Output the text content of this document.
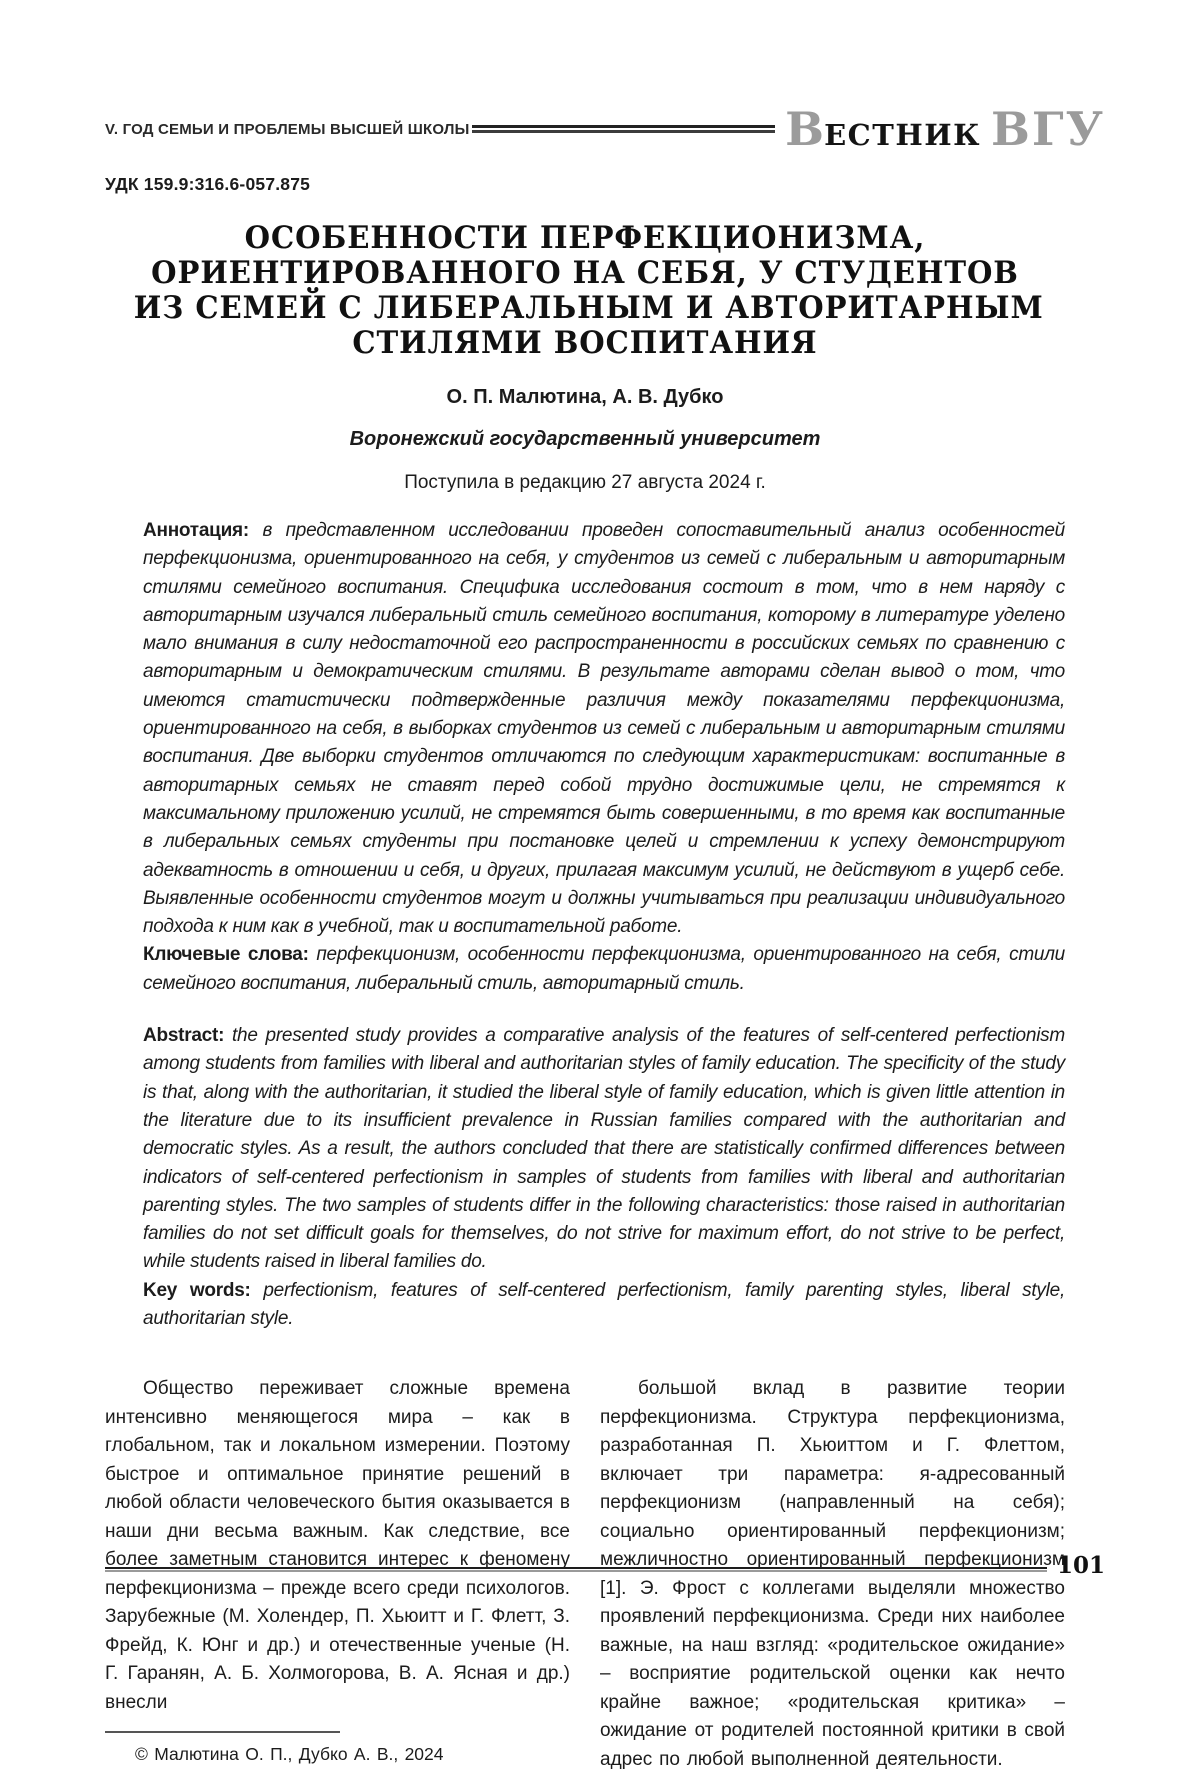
V. ГОД СЕМЬИ И ПРОБЛЕМЫ ВЫСШЕЙ ШКОЛЫ	ВЕСТНИК ВГУ
УДК 159.9:316.6-057.875
ОСОБЕННОСТИ ПЕРФЕКЦИОНИЗМА,
ОРИЕНТИРОВАННОГО НА СЕБЯ, У СТУДЕНТОВ
ИЗ СЕМЕЙ С ЛИБЕРАЛЬНЫМ И АВТОРИТАРНЫМ
СТИЛЯМИ ВОСПИТАНИЯ
О. П. Малютина, А. В. Дубко
Воронежский государственный университет
Поступила в редакцию 27 августа 2024 г.

Аннотация: в представленном исследовании проведен сопоставительный анализ особенностей перфекционизма, ориентированного на себя, у студентов из семей с либеральным и авторитарным стилями семейного воспитания. Специфика исследования состоит в том, что в нем наряду с авторитарным изучался либеральный стиль семейного воспитания, которому в литературе уделено мало внимания в силу недостаточной его распространенности в российских семьях по сравнению с авторитарным и демократическим стилями. В результате авторами сделан вывод о том, что имеются статистически подтвержденные различия между показателями перфекционизма, ориентированного на себя, в выборках студентов из семей с либеральным и авторитарным стилями воспитания. Две выборки студентов отличаются по следующим характеристикам: воспитанные в авторитарных семьях не ставят перед собой трудно достижимые цели, не стремятся к максимальному приложению усилий, не стремятся быть совершенными, в то время как воспитанные в либеральных семьях студенты при постановке целей и стремлении к успеху демонстрируют адекватность в отношении и себя, и других, прилагая максимум усилий, не действуют в ущерб себе. Выявленные особенности студентов могут и должны учитываться при реализации индивидуального подхода к ним как в учебной, так и воспитательной работе.

Ключевые слова: перфекционизм, особенности перфекционизма, ориентированного на себя, стили семейного воспитания, либеральный стиль, авторитарный стиль.

Abstract: the presented study provides a comparative analysis of the features of self-centered perfectionism among students from families with liberal and authoritarian styles of family education. The specificity of the study is that, along with the authoritarian, it studied the liberal style of family education, which is given little attention in the literature due to its insufficient prevalence in Russian families compared with the authoritarian and democratic styles. As a result, the authors concluded that there are statistically confirmed differences between indicators of self-centered perfectionism in samples of students from families with liberal and authoritarian parenting styles. The two samples of students differ in the following characteristics: those raised in authoritarian families do not set difficult goals for themselves, do not strive for maximum effort, do not strive to be perfect, while students raised in liberal families do.

Key words: perfectionism, features of self-centered perfectionism, family parenting styles, liberal style, authoritarian style.

Общество переживает сложные времена интенсивно меняющегося мира – как в глобальном, так и локальном измерении. Поэтому быстрое и оптимальное принятие решений в любой области человеческого бытия оказывается в наши дни весьма важным. Как следствие, все более заметным становится интерес к феномену перфекционизма – прежде всего среди психологов. Зарубежные (М. Холендер, П. Хьюитт и Г. Флетт, З. Фрейд, К. Юнг и др.) и отечественные ученые (Н. Г. Гаранян, А. Б. Холмогорова, В. А. Ясная и др.) внесли

© Малютина О. П., Дубко А. В., 2024

большой вклад в развитие теории перфекционизма. Структура перфекционизма, разработанная П. Хьюиттом и Г. Флеттом, включает три параметра: я-адресованный перфекционизм (направленный на себя); социально ориентированный перфекционизм; межличностно ориентированный перфекционизм [1]. Э. Фрост с коллегами выделяли множество проявлений перфекционизма. Среди них наиболее важные, на наш взгляд: «родительское ожидание» – восприятие родительской оценки как нечто крайне важное; «родительская критика» – ожидание от родителей постоянной критики в свой адрес по любой выполненной деятельности.

101
